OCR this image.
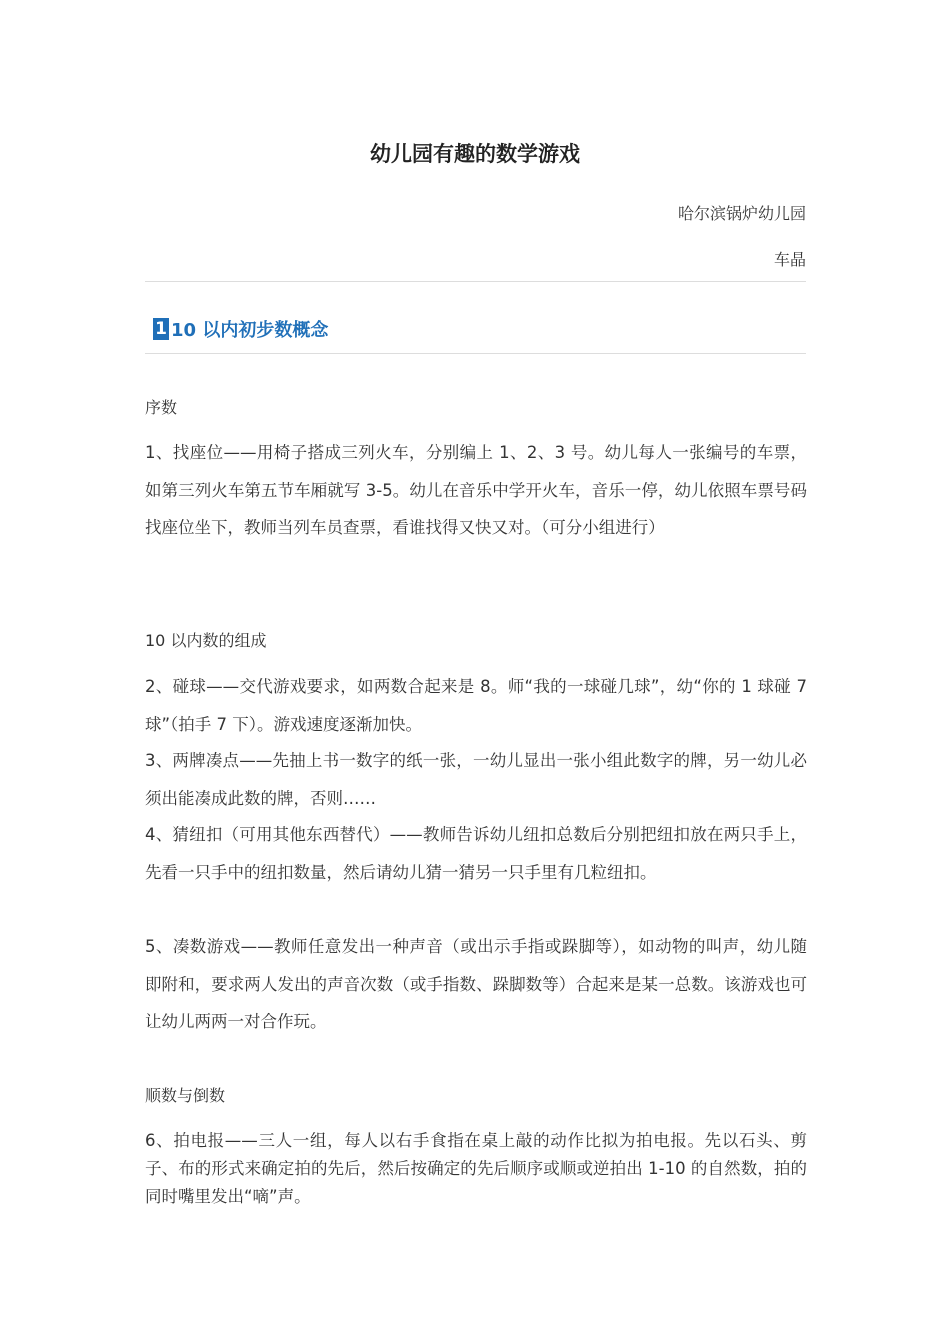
幼儿园有趣的数学游戏
哈尔滨锅炉幼儿园
车晶
1 10 以内初步数概念
序数
1、找座位——用椅子搭成三列火车，分别编上 1、2、3 号。幼儿每人一张编号的车票，如第三列火车第五节车厢就写 3-5。幼儿在音乐中学开火车，音乐一停，幼儿依照车票号码找座位坐下，教师当列车员查票，看谁找得又快又对。（可分小组进行）
10 以内数的组成
2、碰球——交代游戏要求，如两数合起来是 8。师“我的一球碰几球”，幼“你的 1 球碰 7 球”（拍手 7 下）。游戏速度逐渐加快。
3、两牌凑点——先抽上书一数字的纸一张，一幼儿显出一张小组此数字的牌，另一幼儿必须出能凑成此数的牌，否则……
4、猜纽扣（可用其他东西替代）——教师告诉幼儿纽扣总数后分别把纽扣放在两只手上，先看一只手中的纽扣数量，然后请幼儿猜一猜另一只手里有几粒纽扣。
5、凑数游戏——教师任意发出一种声音（或出示手指或跺脚等），如动物的叫声，幼儿随即附和，要求两人发出的声音次数（或手指数、跺脚数等）合起来是某一总数。该游戏也可让幼儿两两一对合作玩。
顺数与倒数
6、拍电报——三人一组，每人以右手食指在桌上敲的动作比拟为拍电报。先以石头、剪子、布的形式来确定拍的先后，然后按确定的先后顺序或顺或逆拍出 1-10 的自然数，拍的同时嘴里发出“嘀”声。
